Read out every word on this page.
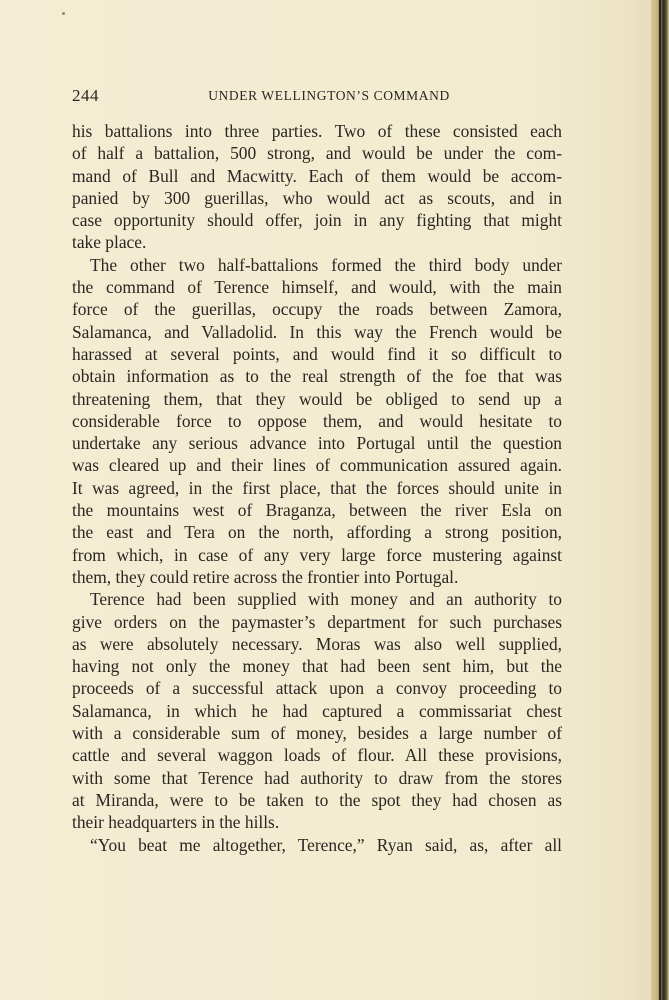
244	UNDER WELLINGTON’S COMMAND
his battalions into three parties. Two of these consisted each
of half a battalion, 500 strong, and would be under the com-
mand of Bull and Macwitty. Each of them would be accom-
panied by 300 guerillas, who would act as scouts, and in
case opportunity should offer, join in any fighting that might
take place.
The other two half-battalions formed the third body under
the command of Terence himself, and would, with the main
force of the guerillas, occupy the roads between Zamora,
Salamanca, and Valladolid. In this way the French would be
harassed at several points, and would find it so difficult to
obtain information as to the real strength of the foe that was
threatening them, that they would be obliged to send up a
considerable force to oppose them, and would hesitate to
undertake any serious advance into Portugal until the question
was cleared up and their lines of communication assured again.
It was agreed, in the first place, that the forces should unite in
the mountains west of Braganza, between the river Esla on
the east and Tera on the north, affording a strong position,
from which, in case of any very large force mustering against
them, they could retire across the frontier into Portugal.
Terence had been supplied with money and an authority to
give orders on the paymaster’s department for such purchases
as were absolutely necessary. Moras was also well supplied,
having not only the money that had been sent him, but the
proceeds of a successful attack upon a convoy proceeding to
Salamanca, in which he had captured a commissariat chest
with a considerable sum of money, besides a large number of
cattle and several waggon loads of flour. All these provisions,
with some that Terence had authority to draw from the stores
at Miranda, were to be taken to the spot they had chosen as
their headquarters in the hills.
“You beat me altogether, Terence,” Ryan said, as, after all
